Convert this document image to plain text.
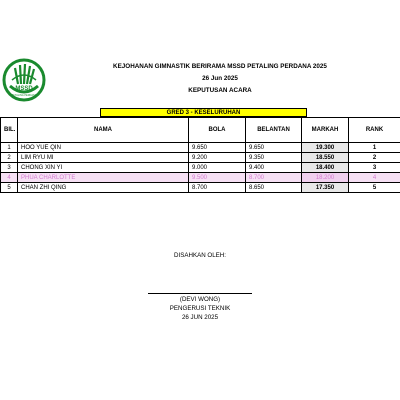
MSSD
PETALING PERDANA
KEJOHANAN GIMNASTIK BERIRAMA MSSD PETALING PERDANA 2025
26 Jun 2025
KEPUTUSAN ACARA
GRED 3 - KESELURUHAN
BIL.	NAMA	BOLA	BELANTAN	MARKAH	RANK
1	HOO YUE QIN	9.650	9.650	19.300	1
2	LIM RYU MI	9.200	9.350	18.550	2
3	CHONG XIN YI	9.000	9.400	18.400	3
4	PHUA CHARLOTTE	9.500	8.700	18.200	4
5	CHAN ZHI QING	8.700	8.650	17.350	5
DISAHKAN OLEH:
(DEVI WONG)
PENGERUSI TEKNIK
26 JUN 2025
